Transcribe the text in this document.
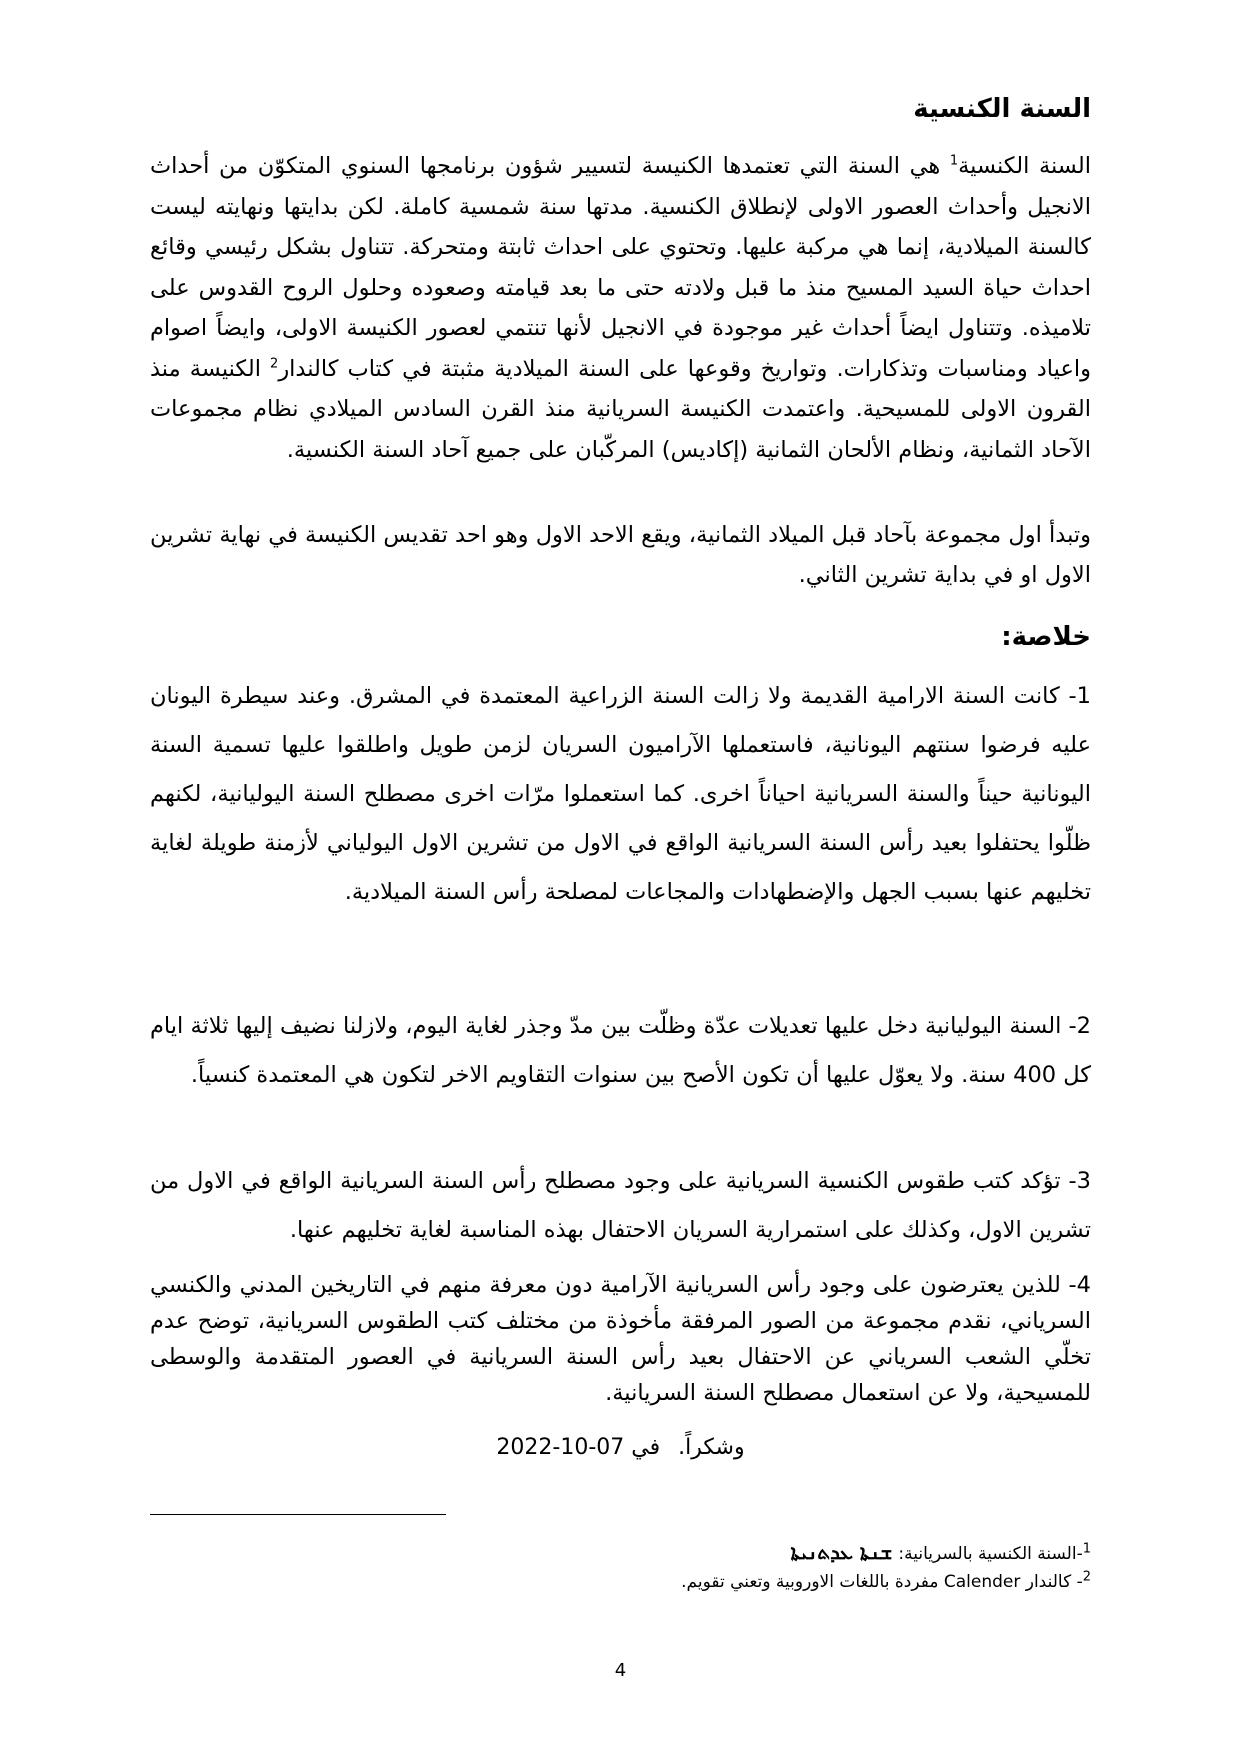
السنة الكنسية

السنة الكنسية$^1$ هي السنة التي تعتمدها الكنيسة لتسيير شؤون برنامجها السنوي المتكوّن من أحداث الانجيل وأحداث العصور الاولى لإنطلاق الكنسية. مدتها سنة شمسية كاملة. لكن بدايتها ونهايته ليست كالسنة الميلادية، إنما هي مركبة عليها. وتحتوي على احداث ثابتة ومتحركة. تتناول بشكل رئيسي وقائع احداث حياة السيد المسيح منذ ما قبل ولادته حتى ما بعد قيامته وصعوده وحلول الروح القدوس على تلاميذه. وتتناول ايضاً أحداث غير موجودة في الانجيل لأنها تنتمي لعصور الكنيسة الاولى، وايضاً اصوام واعياد ومناسبات وتذكارات. وتواريخ وقوعها على السنة الميلادية مثبتة في كتاب كالندار$^2$ الكنيسة منذ القرون الاولى للمسيحية. واعتمدت الكنيسة السريانية منذ القرن السادس الميلادي نظام مجموعات الآحاد الثمانية، ونظام الألحان الثمانية (إكاديس) المركّبان على جميع آحاد السنة الكنسية.

وتبدأ اول مجموعة بآحاد قبل الميلاد الثمانية، ويقع الاحد الاول وهو احد تقديس الكنيسة في نهاية تشرين الاول او في بداية تشرين الثاني.

خلاصة:

1- كانت السنة الارامية القديمة ولا زالت السنة الزراعية المعتمدة في المشرق. وعند سيطرة اليونان عليه فرضوا سنتهم اليونانية، فاستعملها الآراميون السريان لزمن طويل واطلقوا عليها تسمية السنة اليونانية حيناً والسنة السريانية احياناً اخرى. كما استعملوا مرّات اخرى مصطلح السنة اليوليانية، لكنهم ظلّوا يحتفلوا بعيد رأس السنة السريانية الواقع في الاول من تشرين الاول اليولياني لأزمنة طويلة لغاية تخليهم عنها بسبب الجهل والإضطهادات والمجاعات لمصلحة رأس السنة الميلادية.

2- السنة اليوليانية دخل عليها تعديلات عدّة وظلّت بين مدّ وجذر لغاية اليوم، ولازلنا نضيف إليها ثلاثة ايام كل 400 سنة. ولا يعوّل عليها أن تكون الأصح بين سنوات التقاويم الاخر لتكون هي المعتمدة كنسياً.

3- تؤكد كتب طقوس الكنسية السريانية على وجود مصطلح رأس السنة السريانية الواقع في الاول من تشرين الاول، وكذلك على استمرارية السريان الاحتفال بهذه المناسبة لغاية تخليهم عنها.

4- للذين يعترضون على وجود رأس السريانية الآرامية دون معرفة منهم في التاريخين المدني والكنسي السرياني، نقدم مجموعة من الصور المرفقة مأخوذة من مختلف كتب الطقوس السريانية، توضح عدم تخلّي الشعب السرياني عن الاحتفال بعيد رأس السنة السريانية في العصور المتقدمة والوسطى للمسيحية، ولا عن استعمال مصطلح السنة السريانية.

وشكراً.في 07-10-2022
$^1$-السنة الكنسية بالسريانية:ܫܢܬܐ ܥܕܬܢܝܬܐ
$^2$- كالندار Calender مفردة باللغات الاوروبية وتعني تقويم.
4
